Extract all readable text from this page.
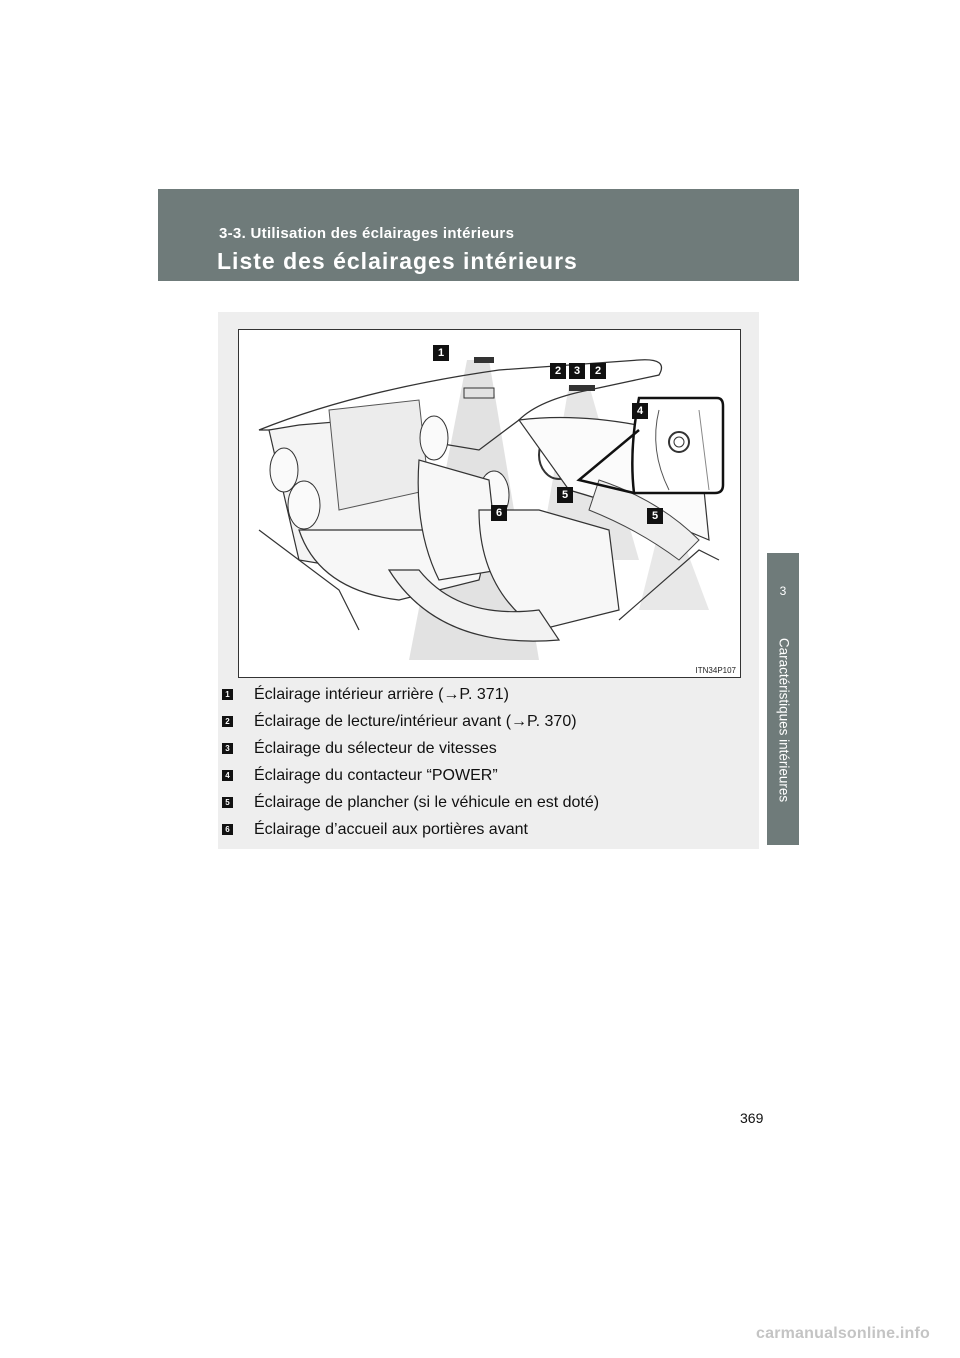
3-3. Utilisation des éclairages intérieurs
Liste des éclairages intérieurs
3
Caractéristiques intérieures
1
2	3	2
4
5
6	5
ITN34P107
1 Éclairage intérieur arrière (→P. 371)
2 Éclairage de lecture/intérieur avant (→P. 370)
3 Éclairage du sélecteur de vitesses
4 Éclairage du contacteur “POWER”
5 Éclairage de plancher (si le véhicule en est doté)
6 Éclairage d’accueil aux portières avant
369
carmanualsonline.info
